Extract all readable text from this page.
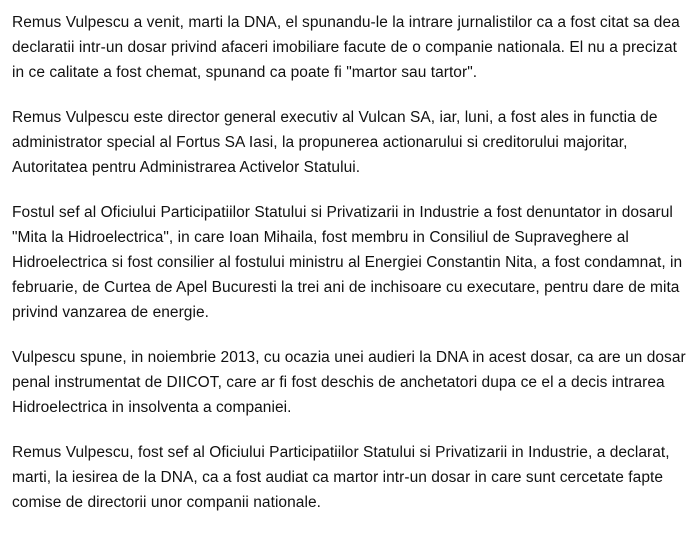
Remus Vulpescu a venit, marti la DNA, el spunandu-le la intrare jurnalistilor ca a fost citat sa dea declaratii intr-un dosar privind afaceri imobiliare facute de o companie nationala. El nu a precizat in ce calitate a fost chemat, spunand ca poate fi "martor sau tartor".

Remus Vulpescu este director general executiv al Vulcan SA, iar, luni, a fost ales in functia de administrator special al Fortus SA Iasi, la propunerea actionarului si creditorului majoritar, Autoritatea pentru Administrarea Activelor Statului.

Fostul sef al Oficiului Participatiilor Statului si Privatizarii in Industrie a fost denuntator in dosarul "Mita la Hidroelectrica", in care Ioan Mihaila, fost membru in Consiliul de Supraveghere al Hidroelectrica si fost consilier al fostului ministru al Energiei Constantin Nita, a fost condamnat, in februarie, de Curtea de Apel Bucuresti la trei ani de inchisoare cu executare, pentru dare de mita privind vanzarea de energie.

Vulpescu spune, in noiembrie 2013, cu ocazia unei audieri la DNA in acest dosar, ca are un dosar penal instrumentat de DIICOT, care ar fi fost deschis de anchetatori dupa ce el a decis intrarea Hidroelectrica in insolventa a companiei.

Remus Vulpescu, fost sef al Oficiului Participatiilor Statului si Privatizarii in Industrie, a declarat, marti, la iesirea de la DNA, ca a fost audiat ca martor intr-un dosar in care sunt cercetate fapte comise de directorii unor companii nationale.
